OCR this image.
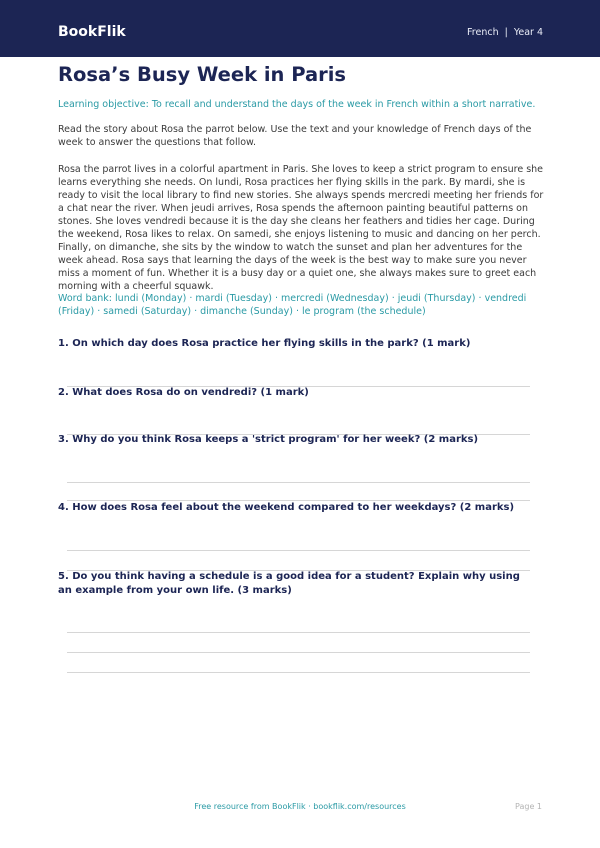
BookFlik	French | Year 4
Rosa’s Busy Week in Paris
Learning objective: To recall and understand the days of the week in French within a short narrative.
Read the story about Rosa the parrot below. Use the text and your knowledge of French days of the week to answer the questions that follow.
Rosa the parrot lives in a colorful apartment in Paris. She loves to keep a strict program to ensure she learns everything she needs. On lundi, Rosa practices her flying skills in the park. By mardi, she is ready to visit the local library to find new stories. She always spends mercredi meeting her friends for a chat near the river. When jeudi arrives, Rosa spends the afternoon painting beautiful patterns on stones. She loves vendredi because it is the day she cleans her feathers and tidies her cage. During the weekend, Rosa likes to relax. On samedi, she enjoys listening to music and dancing on her perch. Finally, on dimanche, she sits by the window to watch the sunset and plan her adventures for the week ahead. Rosa says that learning the days of the week is the best way to make sure you never miss a moment of fun. Whether it is a busy day or a quiet one, she always makes sure to greet each morning with a cheerful squawk.
Word bank: lundi (Monday) · mardi (Tuesday) · mercredi (Wednesday) · jeudi (Thursday) · vendredi (Friday) · samedi (Saturday) · dimanche (Sunday) · le program (the schedule)
1. On which day does Rosa practice her flying skills in the park? (1 mark)
2. What does Rosa do on vendredi? (1 mark)
3. Why do you think Rosa keeps a 'strict program' for her week? (2 marks)
4. How does Rosa feel about the weekend compared to her weekdays? (2 marks)
5. Do you think having a schedule is a good idea for a student? Explain why using an example from your own life. (3 marks)
Free resource from BookFlik · bookflik.com/resources	Page 1
